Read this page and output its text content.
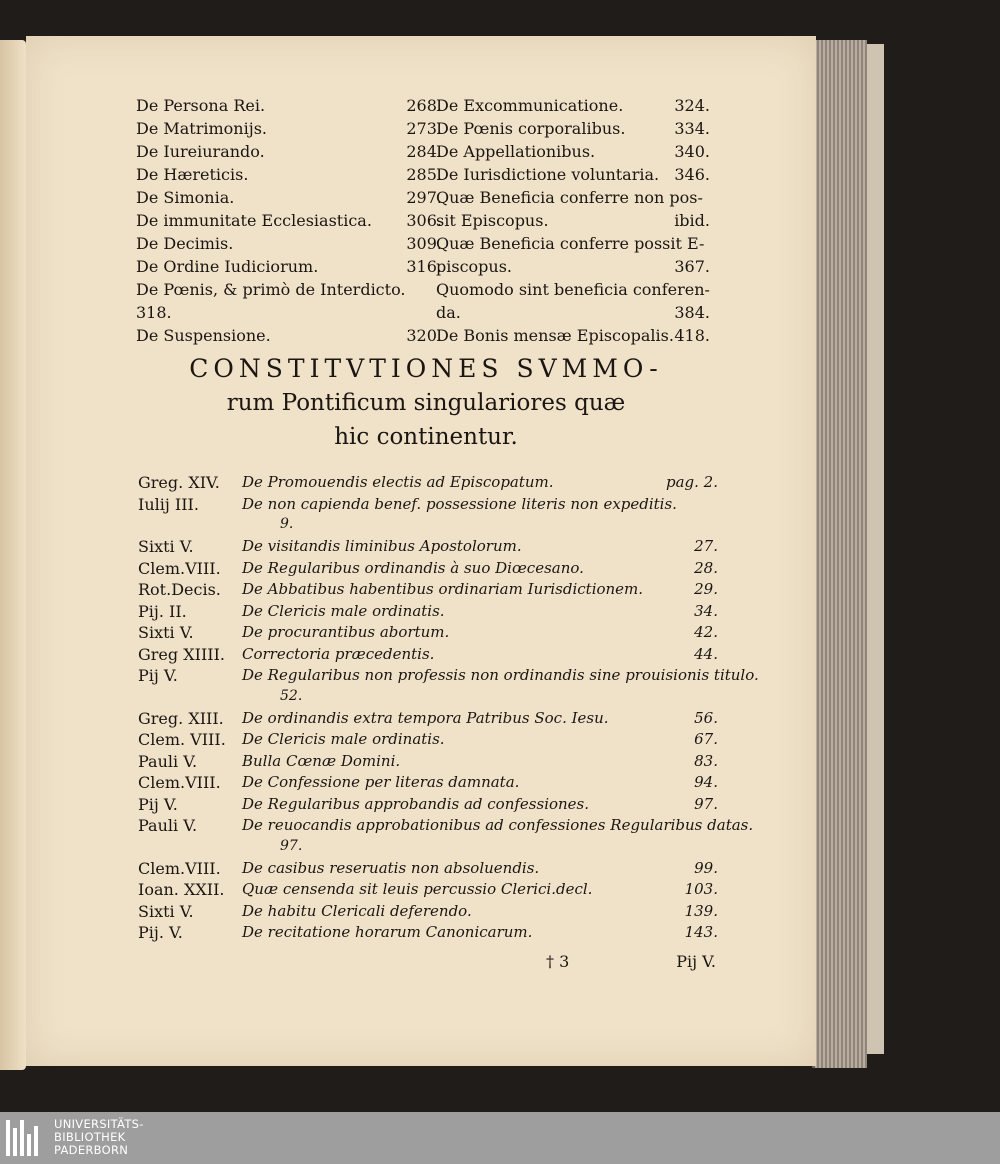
De Persona Rei.	268.
De Matrimonijs.	273.
De Iureiurando.	284.
De Hæreticis.	285.
De Simonia.	297.
De immunitate Ecclesiastica. 306.
De Decimis.	309.
De Ordine Iudiciorum.	316.
De Pœnis, & primò de Interdicto.
318.
De Suspensione.	320.
De Excommunicatione.	324.
De Pœnis corporalibus.	334.
De Appellationibus.	340.
De Iurisdictione voluntaria. 346.
Quæ Beneficia conferre non pos-
sit Episcopus.	ibid.
Quæ Beneficia conferre possit E-
piscopus.	367.
Quomodo sint beneficia conferen-
da.	384.
De Bonis mensæ Episcopalis. 418.
CONSTITVTIONES SVMMO-
rum Pontificum singulariores quæ
hic continentur.
Greg. XIV. De Promouendis electis ad Episcopatum.	pag. 2.
Iulij III.	De non capienda benef. possessione literis non expeditis.
9.
Sixti V.	De visitandis liminibus Apostolorum.	27.
Clem.VIII. De Regularibus ordinandis à suo Diœcesano.	28.
Rot.Decis. De Abbatibus habentibus ordinariam Iurisdictionem.	29.
Pij. II.	De Clericis male ordinatis.	34.
Sixti V.	De procurantibus abortum.	42.
Greg XIIII. Correctoria præcedentis.	44.
Pij V.	De Regularibus non professis non ordinandis sine prouisionis titulo.
52.
Greg. XIII. De ordinandis extra tempora Patribus Soc. Iesu.	56.
Clem. VIII. De Clericis male ordinatis.	67.
Pauli V.	Bulla Cœnæ Domini.	83.
Clem.VIII. De Confessione per literas damnata.	94.
Pij V.	De Regularibus approbandis ad confessiones.	97.
Pauli V.	De reuocandis approbationibus ad confessiones Regularibus datas.
97.
Clem.VIII. De casibus reseruatis non absoluendis.	99.
Ioan. XXII. Quæ censenda sit leuis percussio Clerici.decl.	103.
Sixti V.	De habitu Clericali deferendo.	139.
Pij. V.	De recitatione horarum Canonicarum.	143.
† 3	Pij V.
UNIVERSITÄTS-
BIBLIOTHEK
PADERBORN
